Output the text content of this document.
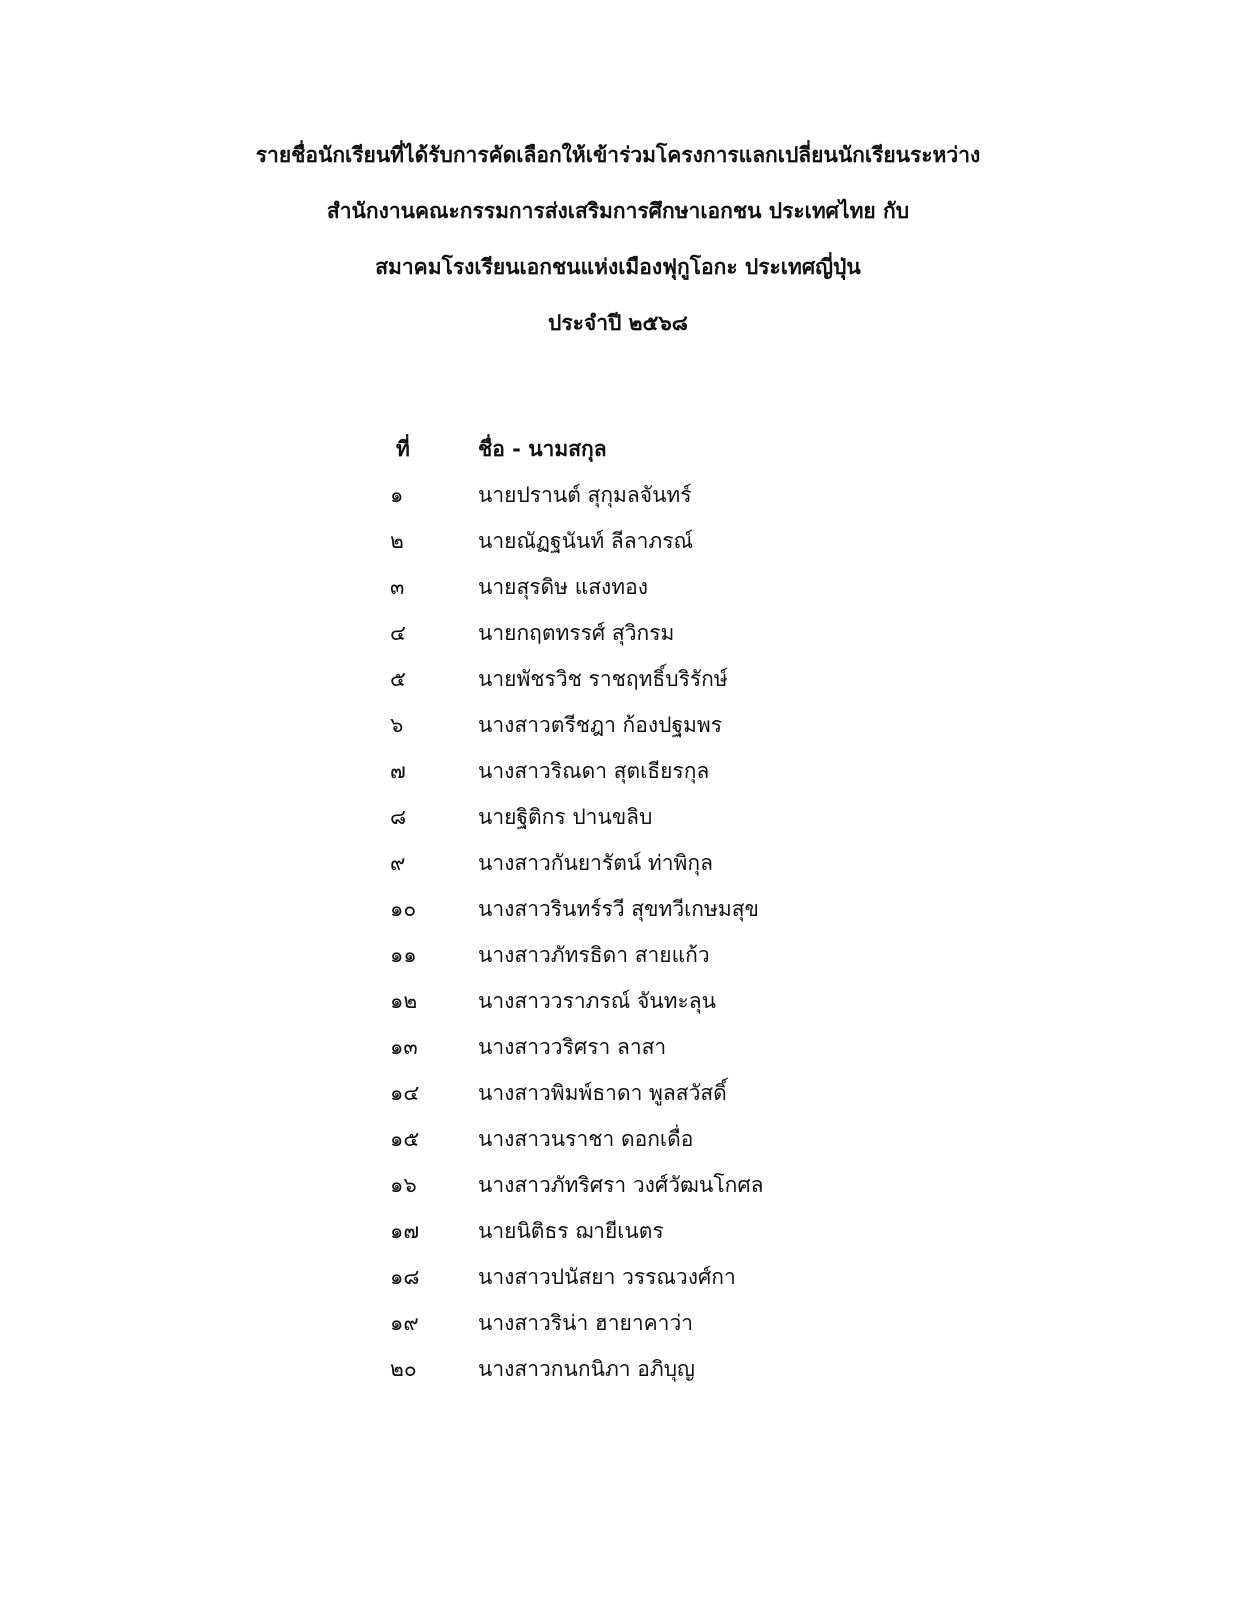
รายชื่อนักเรียนที่ได้รับการคัดเลือกให้เข้าร่วมโครงการแลกเปลี่ยนนักเรียนระหว่าง
สำนักงานคณะกรรมการส่งเสริมการศึกษาเอกชน ประเทศไทย กับ
สมาคมโรงเรียนเอกชนแห่งเมืองฟุกูโอกะ ประเทศญี่ปุ่น
ประจำปี ๒๕๖๘
ที่	ชื่อ - นามสกุล
๑	นายปรานต์ สุกุมลจันทร์
๒	นายณัฏฐนันท์ ลีลาภรณ์
๓	นายสุรดิษ แสงทอง
๔	นายกฤตทรรศ์ สุวิกรม
๕	นายพัชรวิช ราชฤทธิ์บริรักษ์
๖	นางสาวตรีชฎา ก้องปฐมพร
๗	นางสาวริณดา สุตเธียรกุล
๘	นายฐิติกร ปานขลิบ
๙	นางสาวกันยารัตน์ ท่าพิกุล
๑๐	นางสาวรินทร์รวี สุขทวีเกษมสุข
๑๑	นางสาวภัทรธิดา สายแก้ว
๑๒	นางสาววราภรณ์ จันทะลุน
๑๓	นางสาววริศรา ลาสา
๑๔	นางสาวพิมพ์ธาดา พูลสวัสดิ์
๑๕	นางสาวนราชา ดอกเดื่อ
๑๖	นางสาวภัทริศรา วงศ์วัฒนโกศล
๑๗	นายนิติธร ฌายีเนตร
๑๘	นางสาวปนัสยา วรรณวงศ์กา
๑๙	นางสาวริน่า ฮายาคาว่า
๒๐	นางสาวกนกนิภา อภิบุญ
